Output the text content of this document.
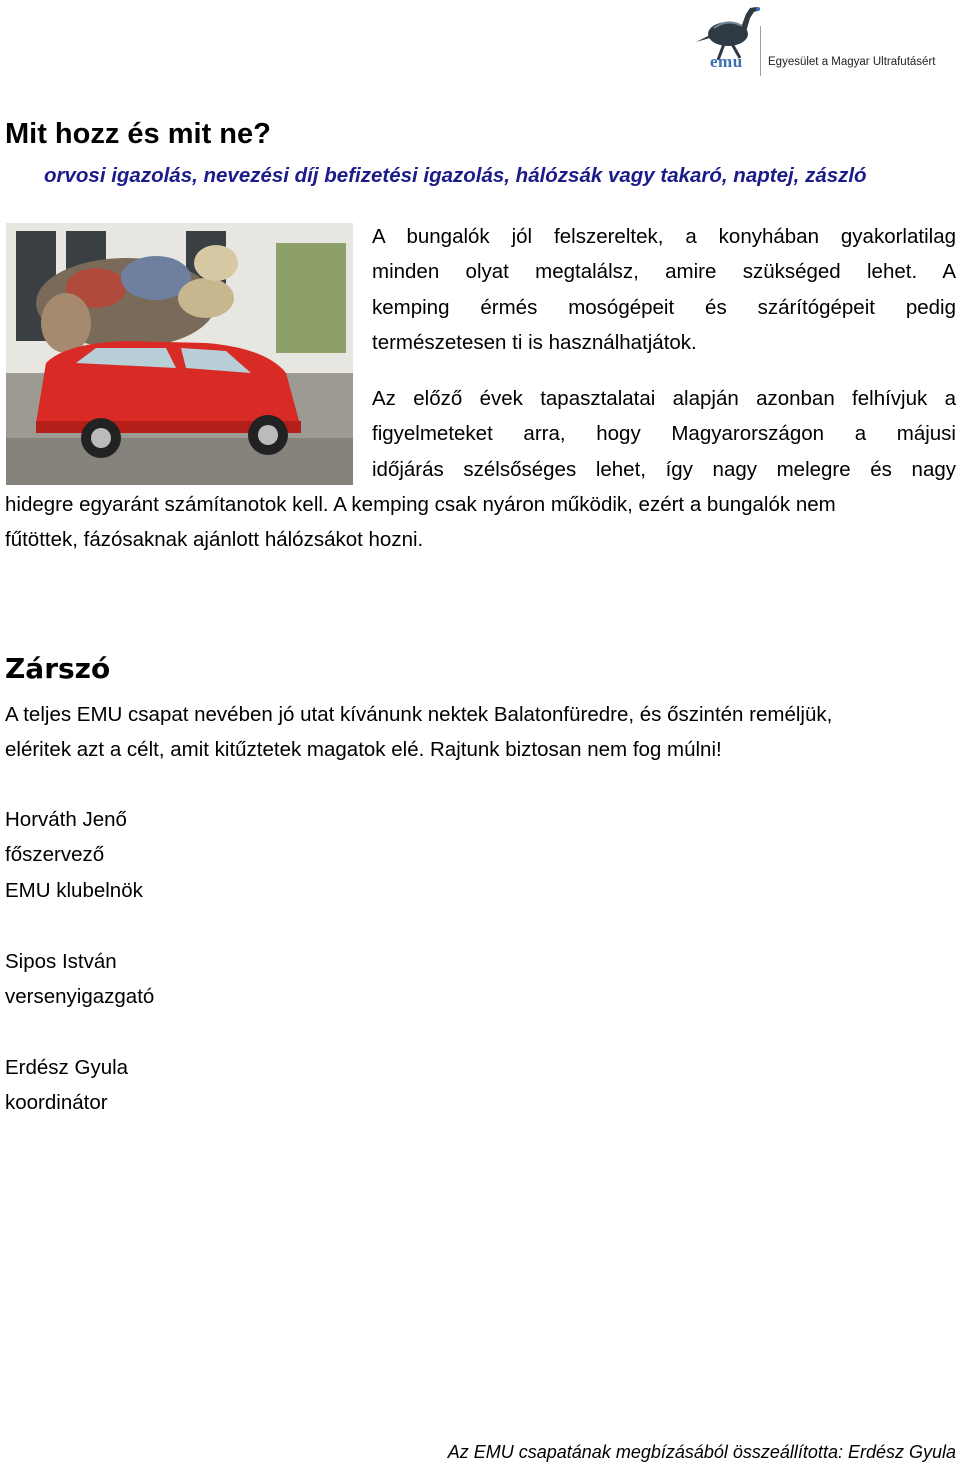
emu Egyesület a Magyar Ultrafutásért
Mit hozz és mit ne?
orvosi igazolás, nevezési díj befizetési igazolás, hálózsák vagy takaró, naptej, zászló
A bungalók jól felszereltek, a konyhában gyakorlatilag
minden olyat megtalálsz, amire szükséged lehet. A
kemping érmés mosógépeit és szárítógépeit pedig
természetesen ti is használhatjátok.
Az előző évek tapasztalatai alapján azonban felhívjuk a
figyelmeteket arra, hogy Magyarországon a májusi
időjárás szélsőséges lehet, így nagy melegre és nagy
hidegre egyaránt számítanotok kell. A kemping csak nyáron működik, ezért a bungalók nem
fűtöttek, fázósaknak ajánlott hálózsákot hozni.
Zárszó
A teljes EMU csapat nevében jó utat kívánunk nektek Balatonfüredre, és őszintén reméljük,
eléritek azt a célt, amit kitűztetek magatok elé. Rajtunk biztosan nem fog múlni!
Horváth Jenő
főszervező
EMU klubelnök
Sipos István
versenyigazgató
Erdész Gyula
koordinátor
Az EMU csapatának megbízásából összeállította: Erdész Gyula
